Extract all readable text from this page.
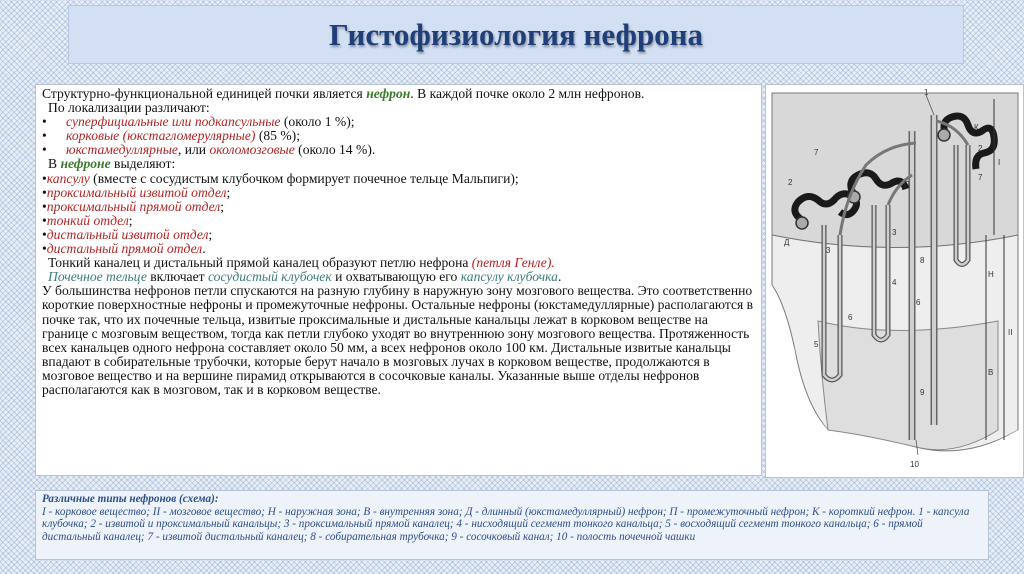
Гистофизиология нефрона

Структурно-функциональной единицей почки является нефрон. В каждой почке около 2 млн нефронов.

По локализации различают:

• суперфициальные или подкапсульные (около 1 %);

• корковые (юкстагломерулярные) (85 %);

• юкстамедуллярные, или околомозговые (около 14 %).

В нефроне выделяют:

•капсулу (вместе с сосудистым клубочком формирует почечное тельце Мальпиги);

•проксимальный извитой отдел;

•проксимальный прямой отдел;

•тонкий отдел;

•дистальный извитой отдел;

•дистальный прямой отдел.

Тонкий каналец и дистальный прямой каналец образуют петлю нефрона (петля Генле).

Почечное тельце включает сосудистый клубочек и охватывающую его капсулу клубочка.

У большинства нефронов петли спускаются на разную глубину в наружную зону мозгового вещества. Это соответственно короткие поверхностные нефроны и промежуточные нефроны. Остальные нефроны (юкстамедуллярные) располагаются в почке так, что их почечные тельца, извитые проксимальные и дистальные канальцы лежат в корковом веществе на границе с мозговым веществом, тогда как петли глубоко уходят во внутреннюю зону мозгового вещества. Протяженность всех канальцев одного нефрона составляет около 50 мм, а всех нефронов около 100 км. Дистальные извитые канальцы впадают в собирательные трубочки, которые берут начало в мозговых лучах в корковом веществе, продолжаются в мозговое вещество и на вершине пирамид открываются в сосочковые каналы. Указанные выше отделы нефронов располагаются как в мозговом, так и в корковом веществе.

1
2
2
3
3
4
5
6
6
7
7
8
9
10
К
П
Д
I
II
Н
В

Различные типы нефронов (схема):

I - корковое вещество; II - мозговое вещество; Н - наружная зона; В - внутренняя зона; Д - длинный (юкстамедуллярный) нефрон; П - промежуточный нефрон; К - короткий нефрон. 1 - капсула клубочка; 2 - извитой и проксимальный канальцы; 3 - проксимальный прямой каналец; 4 - нисходящий сегмент тонкого канальца; 5 - восходящий сегмент тонкого канальца; 6 - прямой дистальный каналец; 7 - извитой дистальный каналец; 8 - собирательная трубочка; 9 - сосочковый канал; 10 - полость почечной чашки
